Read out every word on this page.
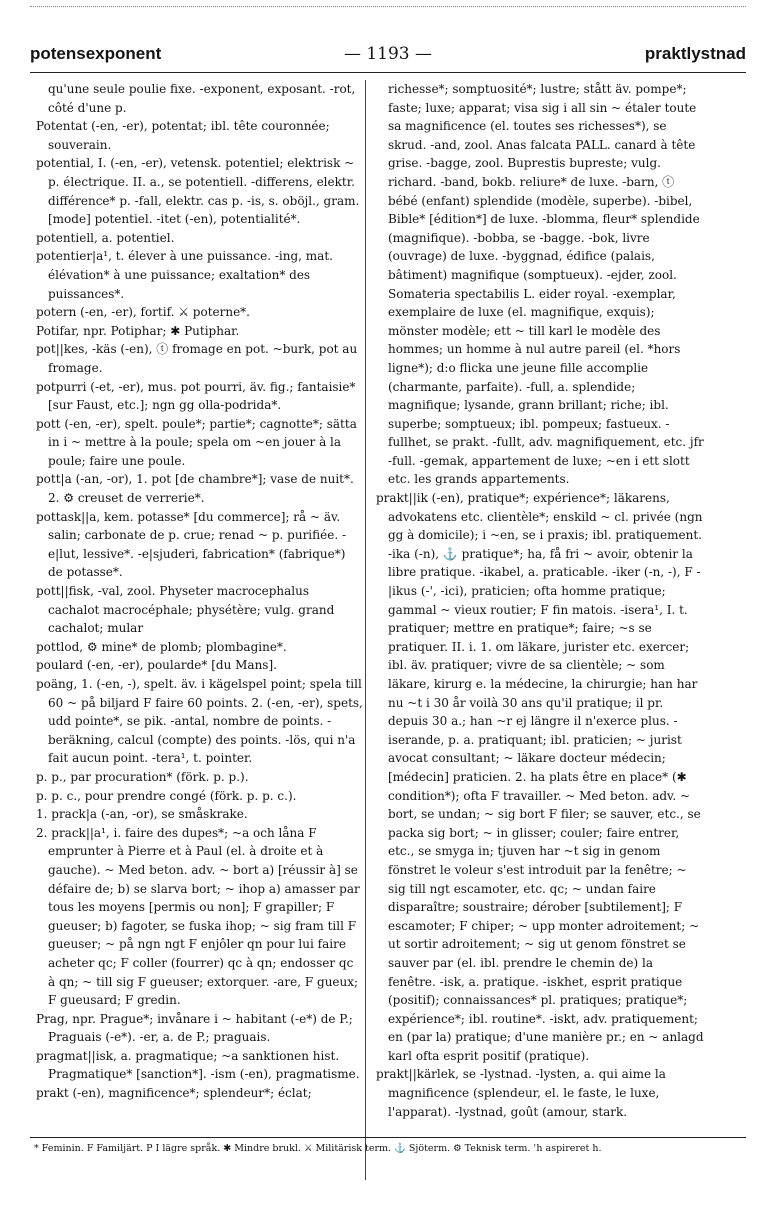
potensexponent	— 1193 —	praktlystnad

qu'une seule poulie fixe. -exponent, exposant. -rot, côté d'une p.

Potentat (-en, -er), potentat; ibl. tête couronnée; souverain.

potential, I. (-en, -er), vetensk. potentiel; elektrisk ~ p. électrique. II. a., se potentiell. -differens, elektr. différence* p. -fall, elektr. cas p. -is, s. oböjl., gram. [mode] potentiel. -itet (-en), potentialité*.

potentiell, a. potentiel.

potentier|a¹, t. élever à une puissance. -ing, mat. élévation* à une puissance; exaltation* des puissances*.

potern (-en, -er), fortif. ⚔ poterne*.

Potifar, npr. Potiphar; ✱ Putiphar.

pot||kes, -käs (-en), ⓣ fromage en pot. ~burk, pot au fromage.

potpurri (-et, -er), mus. pot pourri, äv. fig.; fantaisie* [sur Faust, etc.]; ngn gg olla-podrida*.

pott (-en, -er), spelt. poule*; partie*; cagnotte*; sätta in i ~ mettre à la poule; spela om ~en jouer à la poule; faire une poule.

pott|a (-an, -or), 1. pot [de chambre*]; vase de nuit*. 2. ⚙ creuset de verrerie*.

pottask||a, kem. potasse* [du commerce]; rå ~ äv. salin; carbonate de p. crue; renad ~ p. purifiée. -e|lut, lessive*. -e|sjuderi, fabrication* (fabrique*) de potasse*.

pott||fisk, -val, zool. Physeter macrocephalus cachalot macrocéphale; physétère; vulg. grand cachalot; mular

pottlod, ⚙ mine* de plomb; plombagine*.

poulard (-en, -er), poularde* [du Mans].

poäng, 1. (-en, -), spelt. äv. i kägelspel point; spela till 60 ~ på biljard F faire 60 points. 2. (-en, -er), spets, udd pointe*, se pik. -antal, nombre de points. -beräkning, calcul (compte) des points. -lös, qui n'a fait aucun point. -tera¹, t. pointer.

p. p., par procuration* (förk. p. p.).

p. p. c., pour prendre congé (förk. p. p. c.).

1. prack|a (-an, -or), se småskrake.

2. prack||a¹, i. faire des dupes*; ~a och låna F emprunter à Pierre et à Paul (el. à droite et à gauche). ~ Med beton. adv. ~ bort a) [réussir à] se défaire de; b) se slarva bort; ~ ihop a) amasser par tous les moyens [permis ou non]; F grapiller; F gueuser; b) fagoter, se fuska ihop; ~ sig fram till F gueuser; ~ på ngn ngt F enjôler qn pour lui faire acheter qc; F coller (fourrer) qc à qn; endosser qc à qn; ~ till sig F gueuser; extorquer. -are, F gueux; F gueusard; F gredin.

Prag, npr. Prague*; invånare i ~ habitant (-e*) de P.; Praguais (-e*). -er, a. de P.; praguais.

pragmat||isk, a. pragmatique; ~a sanktionen hist. Pragmatique* [sanction*]. -ism (-en), pragmatisme.

prakt (-en), magnificence*; splendeur*; éclat;

richesse*; somptuosité*; lustre; stått äv. pompe*; faste; luxe; apparat; visa sig i all sin ~ étaler toute sa magnificence (el. toutes ses richesses*), se skrud. -and, zool. Anas falcata PALL. canard à tête grise. -bagge, zool. Buprestis bupreste; vulg. richard. -band, bokb. reliure* de luxe. -barn, ⓣ bébé (enfant) splendide (modèle, superbe). -bibel, Bible* [édition*] de luxe. -blomma, fleur* splendide (magnifique). -bobba, se -bagge. -bok, livre (ouvrage) de luxe. -byggnad, édifice (palais, bâtiment) magnifique (somptueux). -ejder, zool. Somateria spectabilis L. eider royal. -exemplar, exemplaire de luxe (el. magnifique, exquis); mönster modèle; ett ~ till karl le modèle des hommes; un homme à nul autre pareil (el. *hors ligne*); d:o flicka une jeune fille accomplie (charmante, parfaite). -full, a. splendide; magnifique; lysande, grann brillant; riche; ibl. superbe; somptueux; ibl. pompeux; fastueux. -fullhet, se prakt. -fullt, adv. magnifiquement, etc. jfr -full. -gemak, appartement de luxe; ~en i ett slott etc. les grands appartements.

prakt||ik (-en), pratique*; expérience*; läkarens, advokatens etc. clientèle*; enskild ~ cl. privée (ngn gg à domicile); i ~en, se i praxis; ibl. pratiquement. -ika (-n), ⚓ pratique*; ha, få fri ~ avoir, obtenir la libre pratique. -ikabel, a. praticable. -iker (-n, -), F -|ikus (-', -ici), praticien; ofta homme pratique; gammal ~ vieux routier; F fin matois. -isera¹, I. t. pratiquer; mettre en pratique*; faire; ~s se pratiquer. II. i. 1. om läkare, jurister etc. exercer; ibl. äv. pratiquer; vivre de sa clientèle; ~ som läkare, kirurg e. la médecine, la chirurgie; han har nu ~t i 30 år voilà 30 ans qu'il pratique; il pr. depuis 30 a.; han ~r ej längre il n'exerce plus. -iserande, p. a. pratiquant; ibl. praticien; ~ jurist avocat consultant; ~ läkare docteur médecin; [médecin] praticien. 2. ha plats être en place* (✱ condition*); ofta F travailler. ~ Med beton. adv. ~ bort, se undan; ~ sig bort F filer; se sauver, etc., se packa sig bort; ~ in glisser; couler; faire entrer, etc., se smyga in; tjuven har ~t sig in genom fönstret le voleur s'est introduit par la fenêtre; ~ sig till ngt escamoter, etc. qc; ~ undan faire disparaître; soustraire; dérober [subtilement]; F escamoter; F chiper; ~ upp monter adroitement; ~ ut sortir adroitement; ~ sig ut genom fönstret se sauver par (el. ibl. prendre le chemin de) la fenêtre. -isk, a. pratique. -iskhet, esprit pratique (positif); connaissances* pl. pratiques; pratique*; expérience*; ibl. routine*. -iskt, adv. pratiquement; en (par la) pratique; d'une manière pr.; en ~ anlagd karl ofta esprit positif (pratique).

prakt||kärlek, se -lystnad. -lysten, a. qui aime la magnificence (splendeur, el. le faste, le luxe, l'apparat). -lystnad, goût (amour, stark.

* Feminin. F Familjärt. P I lägre språk. ✱ Mindre brukl. ⚔ Militärisk term. ⚓ Sjöterm. ⚙ Teknisk term. ʿh aspireret h.
